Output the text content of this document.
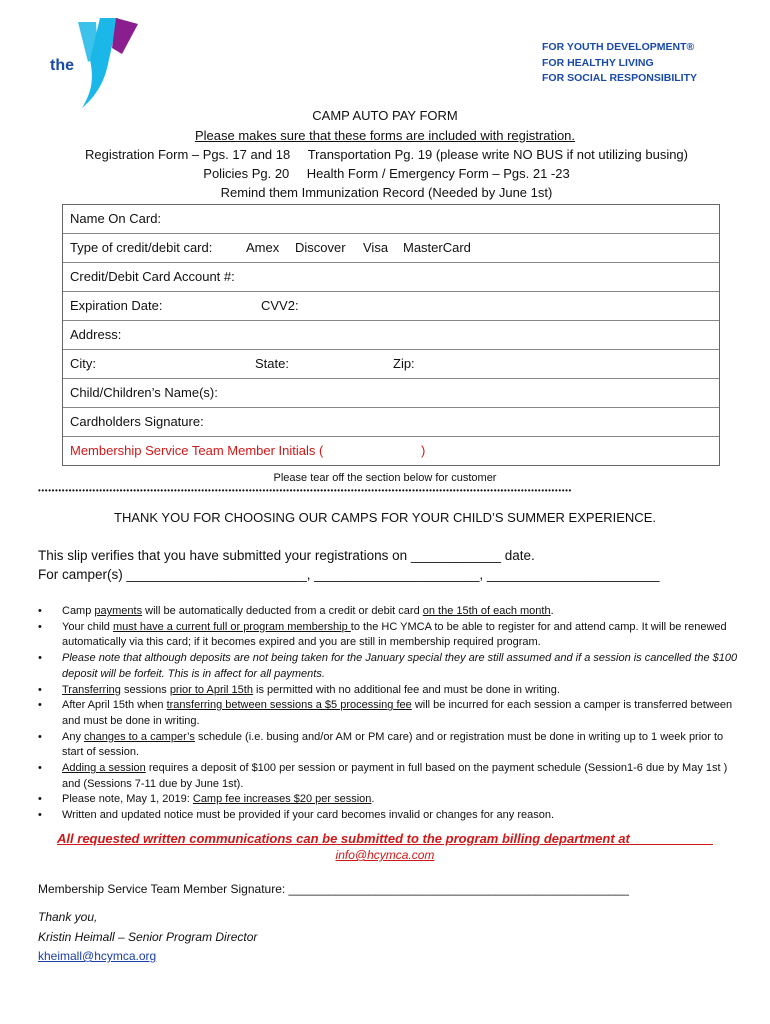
the
YMCA
FOR YOUTH DEVELOPMENT®
FOR HEALTHY LIVING
FOR SOCIAL RESPONSIBILITY
CAMP AUTO PAY FORM
Please makes sure that these forms are included with registration.
Registration Form – Pgs. 17 and 18 Transportation Pg. 19 (please write NO BUS if not utilizing busing)
Policies Pg. 20 Health Form / Emergency Form – Pgs. 21 -23
Remind them Immunization Record (Needed by June 1st)
Name On Card:
Type of credit/debit card:	Amex Discover Visa MasterCard
Credit/Debit Card Account #:
Expiration Date:	CVV2:
Address:
City:	State:	Zip:
Child/Children’s Name(s):
Cardholders Signature:
Membership Service Team Member Initials (	)
Please tear off the section below for customer
•••••••••••••••••••••••••••••••••••••••••••••••••••••••••••••••••••••••••••••••••••••••••••••••••••••••••••••••••••••••••••••••••••••••••••••••••••••••••••••
THANK YOU FOR CHOOSING OUR CAMPS FOR YOUR CHILD’S SUMMER EXPERIENCE.
This slip verifies that you have submitted your registrations on ____________ date.
For camper(s) ________________________, ______________________, _______________________
• Camp payments will be automatically deducted from a credit or debit card on the 15th of each month.
• Your child must have a current full or program membership to the HC YMCA to be able to register for and attend camp. It will be renewed automatically via this card; if it becomes expired and you are still in membership required program.
• Please note that although deposits are not being taken for the January special they are still assumed and if a session is cancelled the $100 deposit will be forfeit. This is in affect for all payments.
• Transferring sessions prior to April 15th is permitted with no additional fee and must be done in writing.
• After April 15th when transferring between sessions a $5 processing fee will be incurred for each session a camper is transferred between and must be done in writing.
• Any changes to a camper’s schedule (i.e. busing and/or AM or PM care) and or registration must be done in writing up to 1 week prior to start of session.
• Adding a session requires a deposit of $100 per session or payment in full based on the payment schedule (Session1-6 due by May 1st ) and (Sessions 7-11 due by June 1st).
• Please note, May 1, 2019: Camp fee increases $20 per session.
• Written and updated notice must be provided if your card becomes invalid or changes for any reason.
All requested written communications can be submitted to the program billing department at ___________
info@hcymca.com
Membership Service Team Member Signature: ___________________________________________________
Thank you,
Kristin Heimall – Senior Program Director
kheimall@hcymca.org
